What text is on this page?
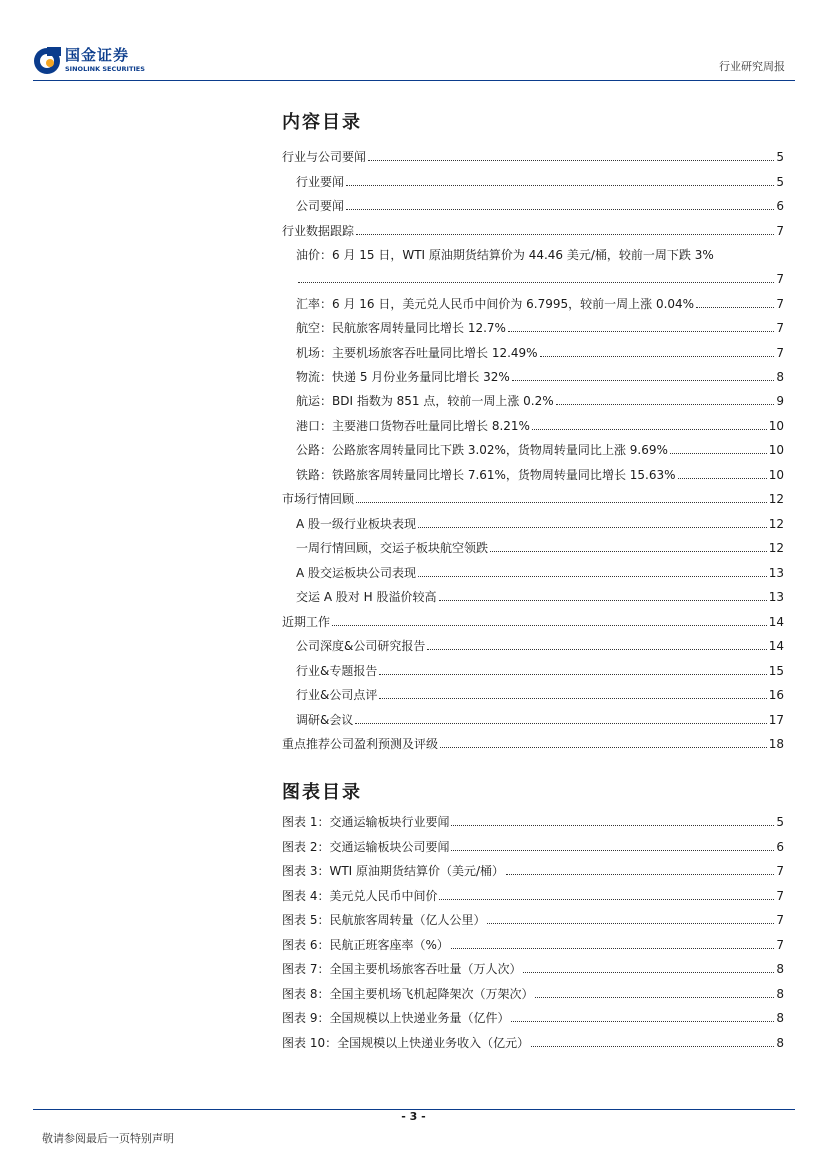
国金证券
SINOLINK SECURITIES	行业研究周报
内容目录
行业与公司要闻	5
行业要闻	5
公司要闻	6
行业数据跟踪	7
油价：6 月 15 日，WTI 原油期货结算价为 44.46 美元/桶，较前一周下跌 3%
7
汇率：6 月 16 日，美元兑人民币中间价为 6.7995，较前一周上涨 0.04%	7
航空：民航旅客周转量同比增长 12.7%	7
机场：主要机场旅客吞吐量同比增长 12.49%	7
物流：快递 5 月份业务量同比增长 32%	8
航运：BDI 指数为 851 点，较前一周上涨 0.2%	9
港口：主要港口货物吞吐量同比增长 8.21%	10
公路：公路旅客周转量同比下跌 3.02%，货物周转量同比上涨 9.69%	10
铁路：铁路旅客周转量同比增长 7.61%，货物周转量同比增长 15.63%	10
市场行情回顾	12
A 股一级行业板块表现	12
一周行情回顾，交运子板块航空领跌	12
A 股交运板块公司表现	13
交运 A 股对 H 股溢价较高	13
近期工作	14
公司深度&公司研究报告	14
行业&专题报告	15
行业&公司点评	16
调研&会议	17
重点推荐公司盈利预测及评级	18
图表目录
图表 1：交通运输板块行业要闻	5
图表 2：交通运输板块公司要闻	6
图表 3：WTI 原油期货结算价（美元/桶）	7
图表 4：美元兑人民币中间价	7
图表 5：民航旅客周转量（亿人公里）	7
图表 6：民航正班客座率（%）	7
图表 7：全国主要机场旅客吞吐量（万人次）	8
图表 8：全国主要机场飞机起降架次（万架次）	8
图表 9：全国规模以上快递业务量（亿件）	8
图表 10：全国规模以上快递业务收入（亿元）	8
- 3 -
敬请参阅最后一页特别声明
